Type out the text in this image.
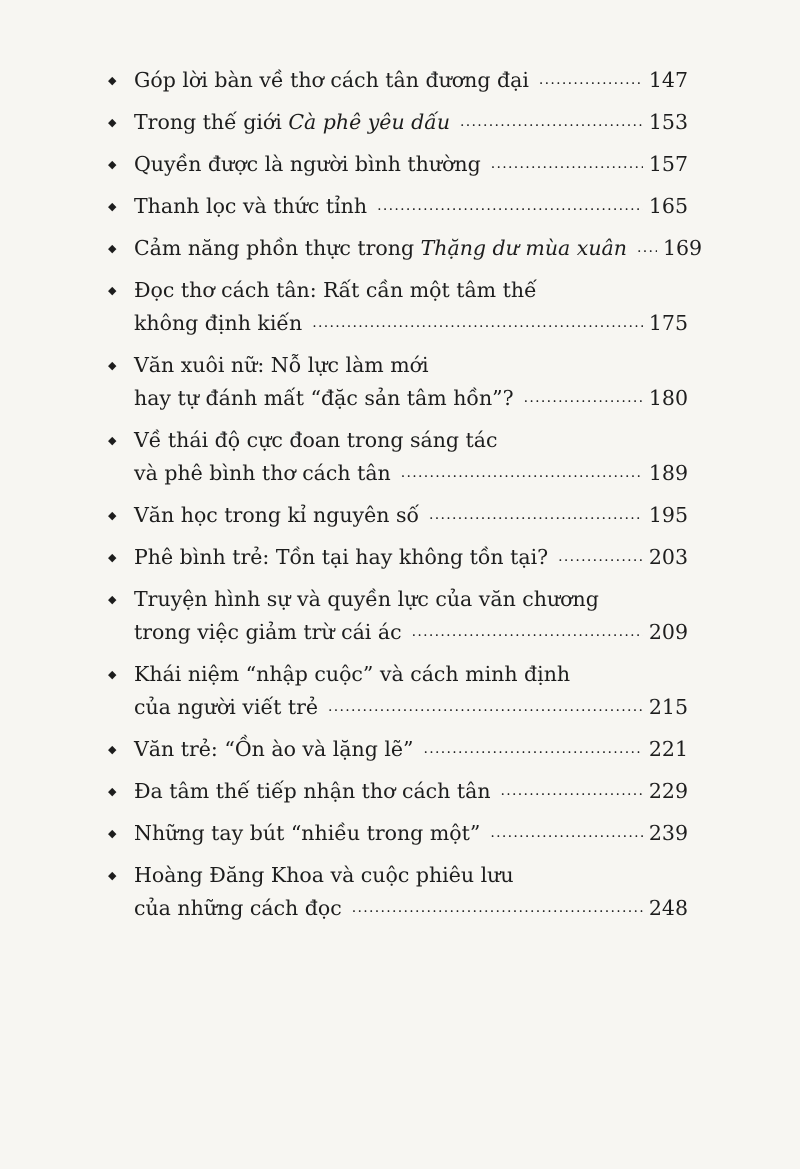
◆ Góp lời bàn về thơ cách tân đương đại .....	147
◆ Trong thế giới Cà phê yêu dấu .....	153
◆ Quyền được là người bình thường .....	157
◆ Thanh lọc và thức tỉnh .....	165
◆ Cảm năng phồn thực trong Thặng dư mùa xuân ..... 169
◆ Đọc thơ cách tân: Rất cần một tâm thế
không định kiến .....	175
◆ Văn xuôi nữ: Nỗ lực làm mới
hay tự đánh mất “đặc sản tâm hồn”? .....	180
◆ Về thái độ cực đoan trong sáng tác
và phê bình thơ cách tân .....	189
◆ Văn học trong kỉ nguyên số .....	195
◆ Phê bình trẻ: Tồn tại hay không tồn tại? .....	203
◆ Truyện hình sự và quyền lực của văn chương
trong việc giảm trừ cái ác .....	209
◆ Khái niệm “nhập cuộc” và cách minh định
của người viết trẻ .....	215
◆ Văn trẻ: “Ồn ào và lặng lẽ” .....	221
◆ Đa tâm thế tiếp nhận thơ cách tân .....	229
◆ Những tay bút “nhiều trong một” .....	239
◆ Hoàng Đăng Khoa và cuộc phiêu lưu
của những cách đọc .....	248
